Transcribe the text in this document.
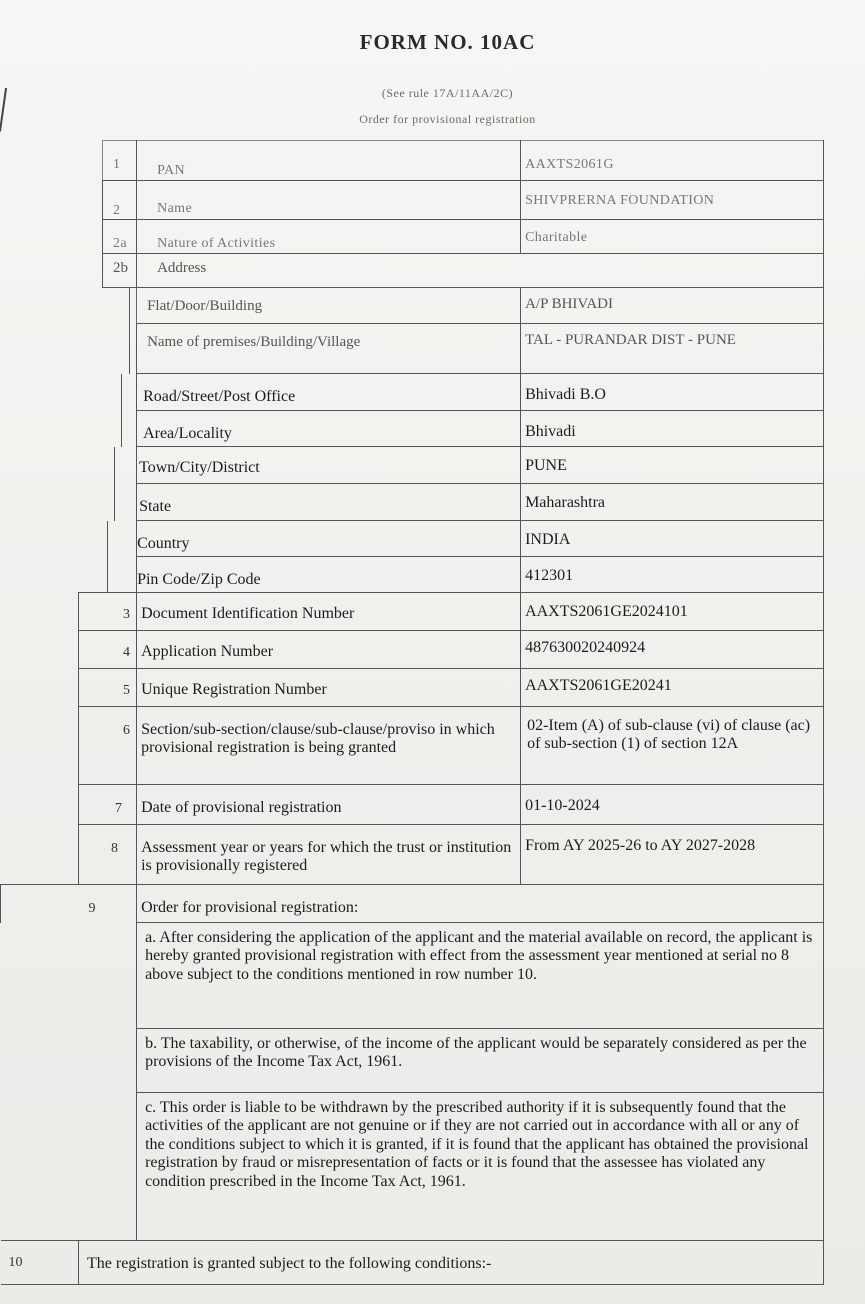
FORM NO. 10AC
(See rule 17A/11AA/2C)
Order for provisional registration
		1					PAN	AAXTS2061G	
		2					Name	SHIVPRERNA FOUNDATION	
		2a					Nature of Activities	Charitable	
		2b					Address		
							Flat/Door/Building	A/P BHIVADI	
							Name of premises/Building/Village	TAL - PURANDAR DIST - PUNE	
							Road/Street/Post Office	Bhivadi B.O	
							Area/Locality	Bhivadi	
							Town/City/District	PUNE	
							State	Maharashtra	
							Country	INDIA	
							Pin Code/Zip Code	412301	
	3						Document Identification Number	AAXTS2061GE2024101	
	4						Application Number	487630020240924	
	5						Unique Registration Number	AAXTS2061GE20241	
	6						Section/sub-section/clause/sub-clause/proviso in which provisional registration is being granted	02-Item (A) of sub-clause (vi) of clause (ac) of sub-section (1) of section 12A	
	7						Date of provisional registration	01-10-2024	
	8						Assessment year or years for which the trust or institution is provisionally registered	From AY 2025-26 to AY 2027-2028	
	9						Order for provisional registration:		
							a. After considering the application of the applicant and the material available on record, the applicant is hereby granted provisional registration with effect from the assessment year mentioned at serial no 8 above subject to the conditions mentioned in row number 10.		
							b. The taxability, or otherwise, of the income of the applicant would be separately considered as per the provisions of the Income Tax Act, 1961.		
							c. This order is liable to be withdrawn by the prescribed authority if it is subsequently found that the activities of the applicant are not genuine or if they are not carried out in accordance with all or any of the conditions subject to which it is granted, if it is found that the applicant has obtained the provisional registration by fraud or misrepresentation of facts or it is found that the assessee has violated any condition prescribed in the Income Tax Act, 1961.		
10	The registration is granted subject to the following conditions:-								
